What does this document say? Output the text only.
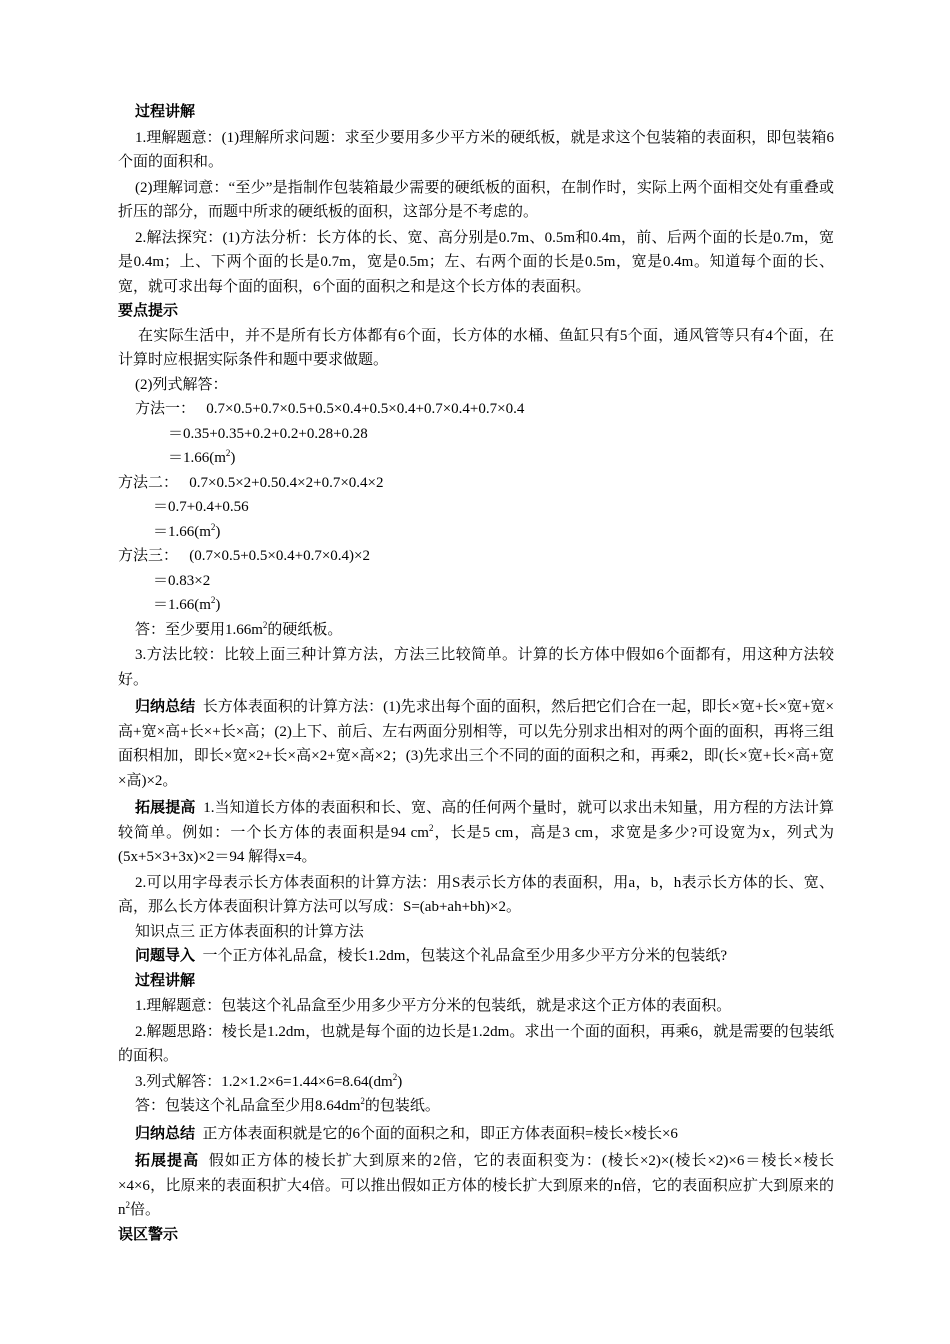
过程讲解

1.理解题意：(1)理解所求问题：求至少要用多少平方米的硬纸板，就是求这个包装箱的表面积，即包装箱6个面的面积和。

(2)理解词意：“至少”是指制作包装箱最少需要的硬纸板的面积，在制作时，实际上两个面相交处有重叠或折压的部分，而题中所求的硬纸板的面积，这部分是不考虑的。

2.解法探究：(1)方法分析：长方体的长、宽、高分别是0.7m、0.5m和0.4m，前、后两个面的长是0.7m，宽是0.4m；上、下两个面的长是0.7m，宽是0.5m；左、右两个面的长是0.5m，宽是0.4m。知道每个面的长、宽，就可求出每个面的面积，6个面的面积之和是这个长方体的表面积。

要点提示

在实际生活中，并不是所有长方体都有6个面，长方体的水桶、鱼缸只有5个面，通风管等只有4个面，在计算时应根据实际条件和题中要求做题。

(2)列式解答：

方法一： 0.7×0.5+0.7×0.5+0.5×0.4+0.5×0.4+0.7×0.4+0.7×0.4

＝0.35+0.35+0.2+0.2+0.28+0.28

$=1.66(m^2)$

方法二： 0.7×0.5×2+0.50.4×2+0.7×0.4×2

＝0.7+0.4+0.56

$=1.66(m^2)$

方法三： (0.7×0.5+0.5×0.4+0.7×0.4)×2

＝0.83×2

$=1.66(m^2)$

答：至少要用$1.66m^2$的硬纸板。

3.方法比较：比较上面三种计算方法，方法三比较简单。计算的长方体中假如6个面都有，用这种方法较好。

归纳总结 长方体表面积的计算方法：(1)先求出每个面的面积，然后把它们合在一起，即长×宽+长×宽+宽×高+宽×高+长×+长×高；(2)上下、前后、左右两面分别相等，可以先分别求出相对的两个面的面积，再将三组面积相加，即长×宽×2+长×高×2+宽×高×2；(3)先求出三个不同的面的面积之和，再乘2，即(长×宽+长×高+宽×高)×2。

拓展提高 1.当知道长方体的表面积和长、宽、高的任何两个量时，就可以求出未知量，用方程的方法计算较简单。例如：一个长方体的表面积是94 $cm^2$，长是5 cm，高是3 cm，求宽是多少?可设宽为x，列式为(5x+5×3+3x)×2＝94 解得x=4。

2.可以用字母表示长方体表面积的计算方法：用S表示长方体的表面积，用a，b，h表示长方体的长、宽、高，那么长方体表面积计算方法可以写成：S=(ab+ah+bh)×2。

知识点三 正方体表面积的计算方法

问题导入 一个正方体礼品盒，棱长1.2dm，包装这个礼品盒至少用多少平方分米的包装纸?

过程讲解

1.理解题意：包装这个礼品盒至少用多少平方分米的包装纸，就是求这个正方体的表面积。

2.解题思路：棱长是1.2dm，也就是每个面的边长是1.2dm。求出一个面的面积，再乘6，就是需要的包装纸的面积。

3.列式解答：$1.2\times 1.2\times 6=1.44\times 6=8.64(dm^2)$

答：包装这个礼品盒至少用$8.64dm^2$的包装纸。

归纳总结 正方体表面积就是它的6个面的面积之和，即正方体表面积=棱长×棱长×6

拓展提高 假如正方体的棱长扩大到原来的2倍，它的表面积变为：(棱长×2)×(棱长×2)×6＝棱长×棱长×4×6，比原来的表面积扩大4倍。可以推出假如正方体的棱长扩大到原来的n倍，它的表面积应扩大到原来的$n^2$倍。

误区警示
